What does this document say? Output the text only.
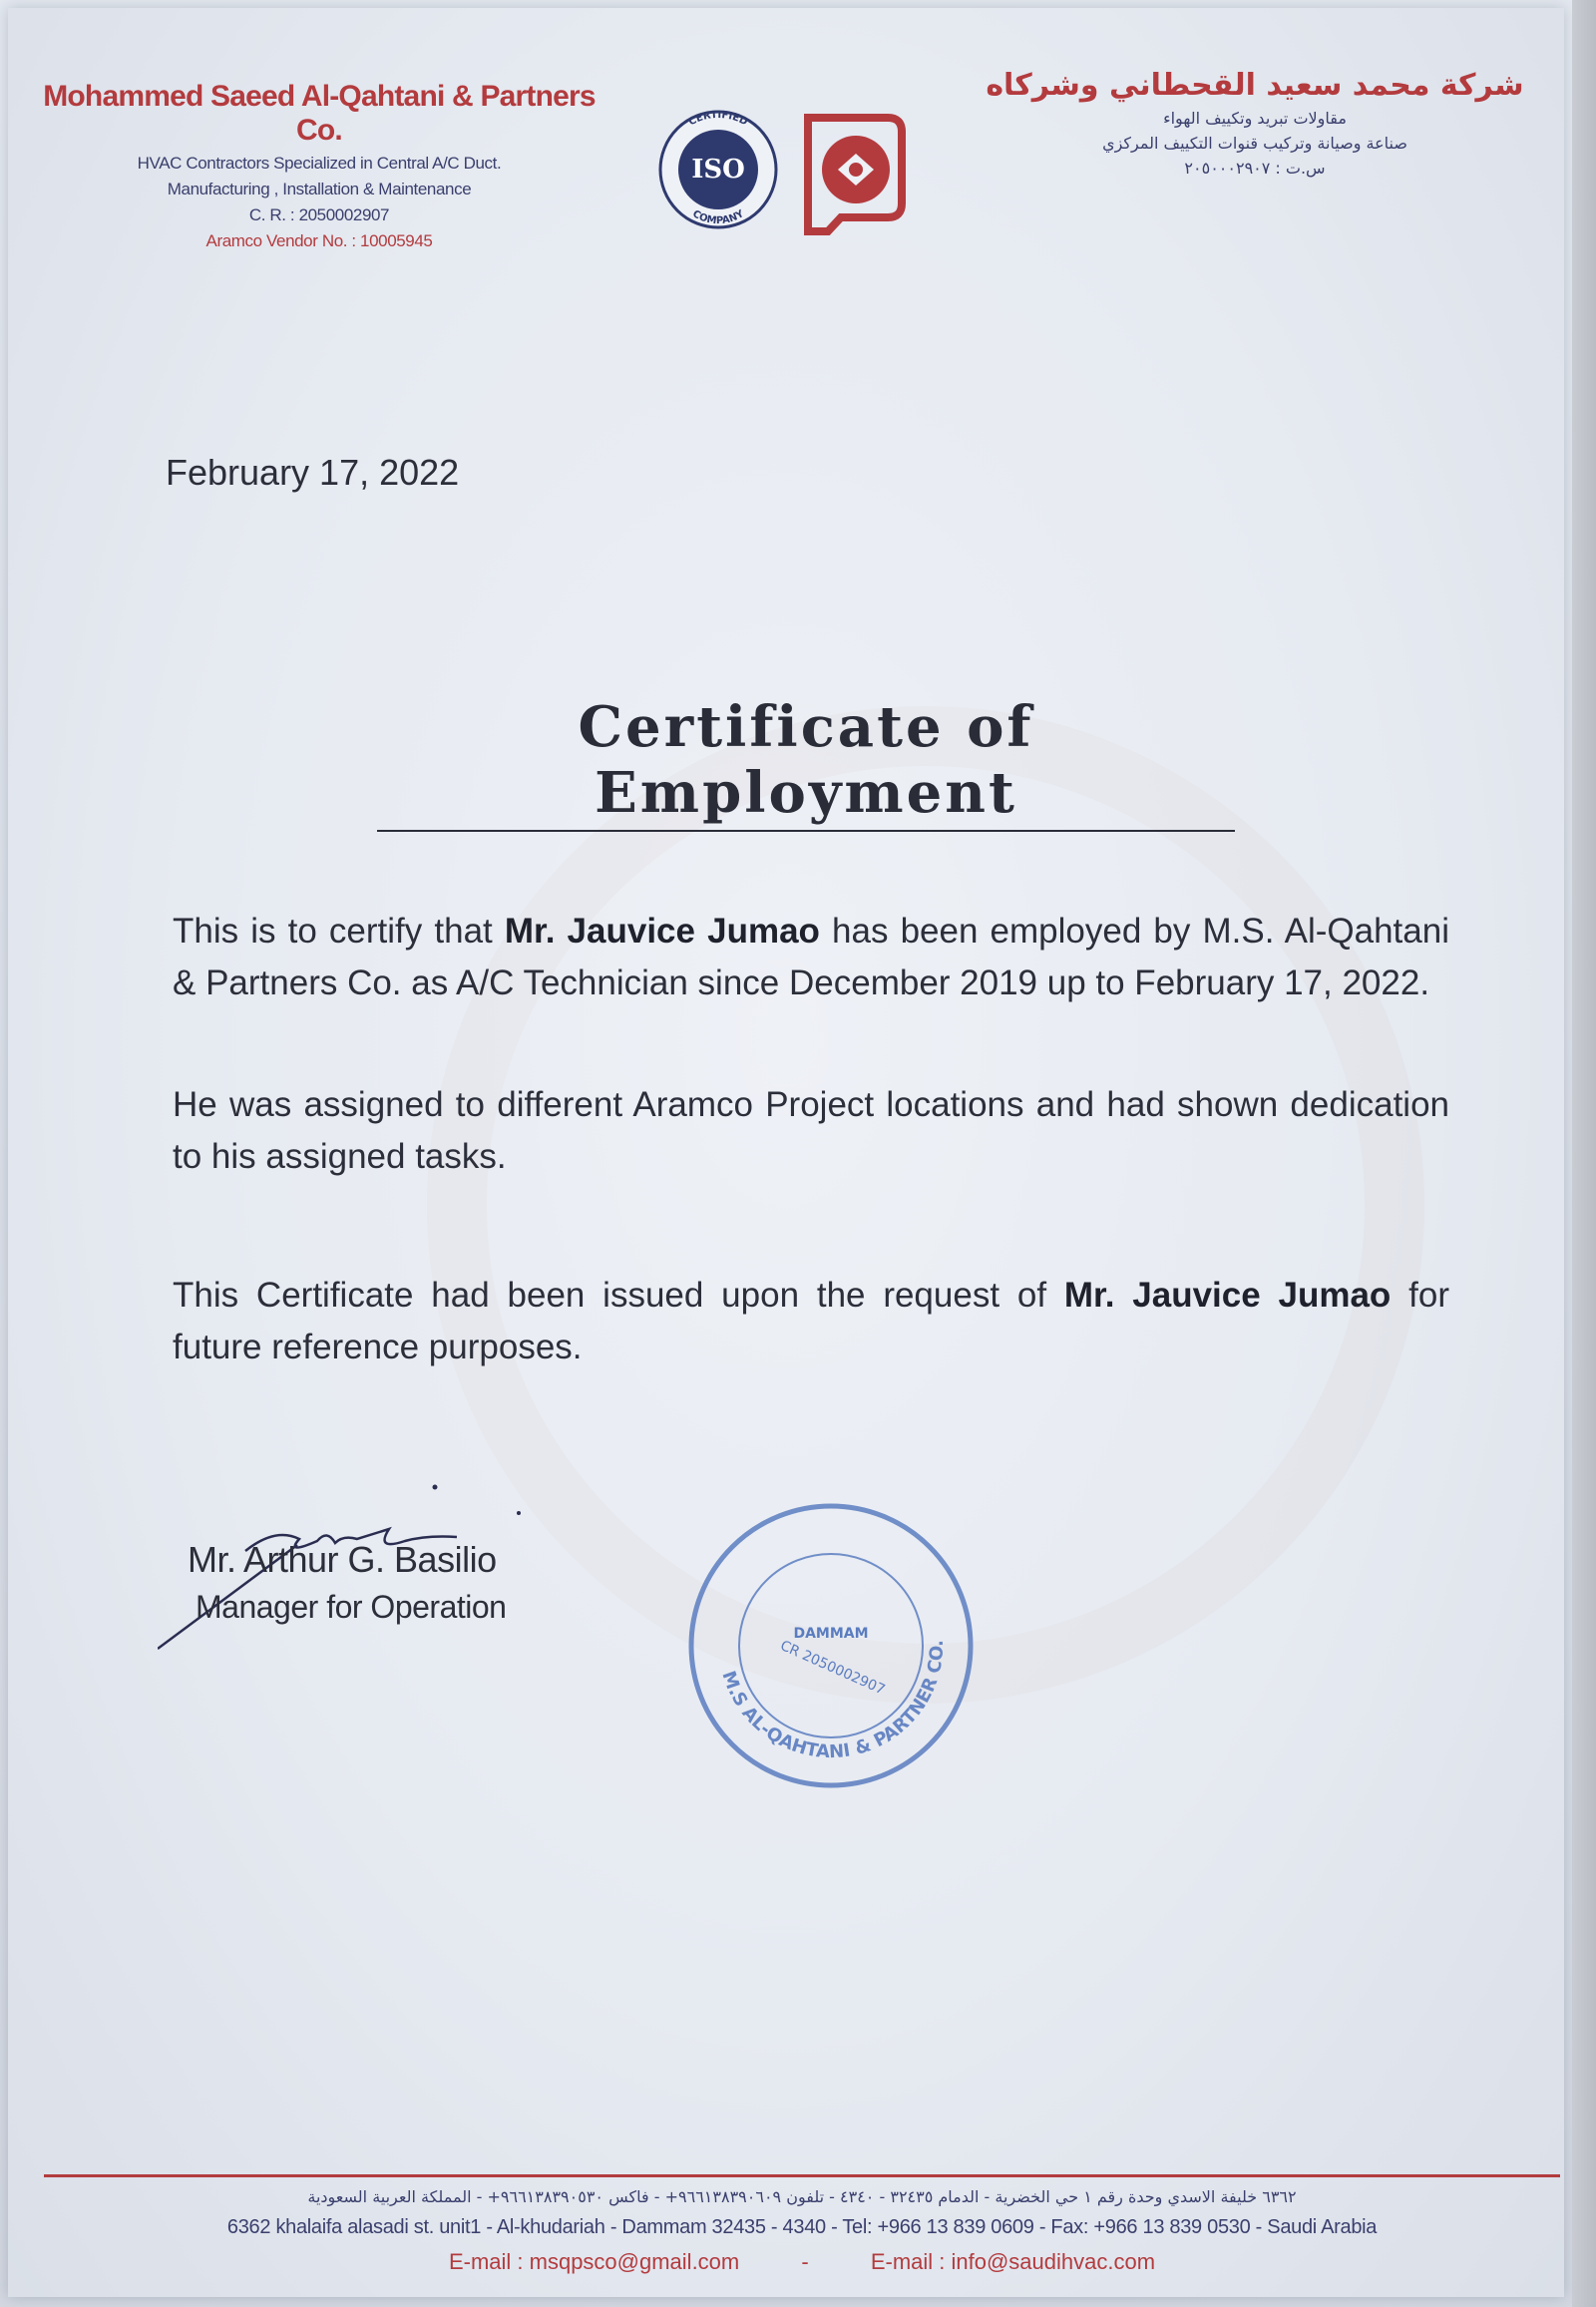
Mohammed Saeed Al-Qahtani & Partners Co.
HVAC Contractors Specialized in Central A/C Duct.
Manufacturing , Installation & Maintenance
C. R. : 2050002907
Aramco Vendor No. : 10005945
CERTIFIED
COMPANY
ISO
شركة محمد سعيد القحطاني وشركاه
مقاولات تبريد وتكييف الهواء
صناعة وصيانة وتركيب قنوات التكييف المركزي
س.ت : ٢٠٥٠٠٠٢٩٠٧
February 17, 2022
Certificate of Employment
This is to certify that Mr. Jauvice Jumao has been employed by M.S. Al-Qahtani & Partners Co. as A/C Technician since December 2019 up to February 17, 2022.
He was assigned to different Aramco Project locations and had shown dedication to his assigned tasks.
This Certificate had been issued upon the request of Mr. Jauvice Jumao for future reference purposes.
Mr. Arthur G. Basilio
Manager for Operation
M.S AL-QAHTANI & PARTNER CO.
DAMMAM
CR 2050002907
٦٣٦٢ خليفة الاسدي وحدة رقم ١ حي الخضرية - الدمام ٣٢٤٣٥ - ٤٣٤٠ - تلفون ٩٦٦١٣٨٣٩٠٦٠٩+ - فاكس ٩٦٦١٣٨٣٩٠٥٣٠+ - المملكة العربية السعودية
6362 khalaifa alasadi st. unit1 - Al-khudariah - Dammam 32435 - 4340 - Tel: +966 13 839 0609 - Fax: +966 13 839 0530 - Saudi Arabia
E-mail : msqpsco@gmail.com	-	E-mail : info@saudihvac.com
